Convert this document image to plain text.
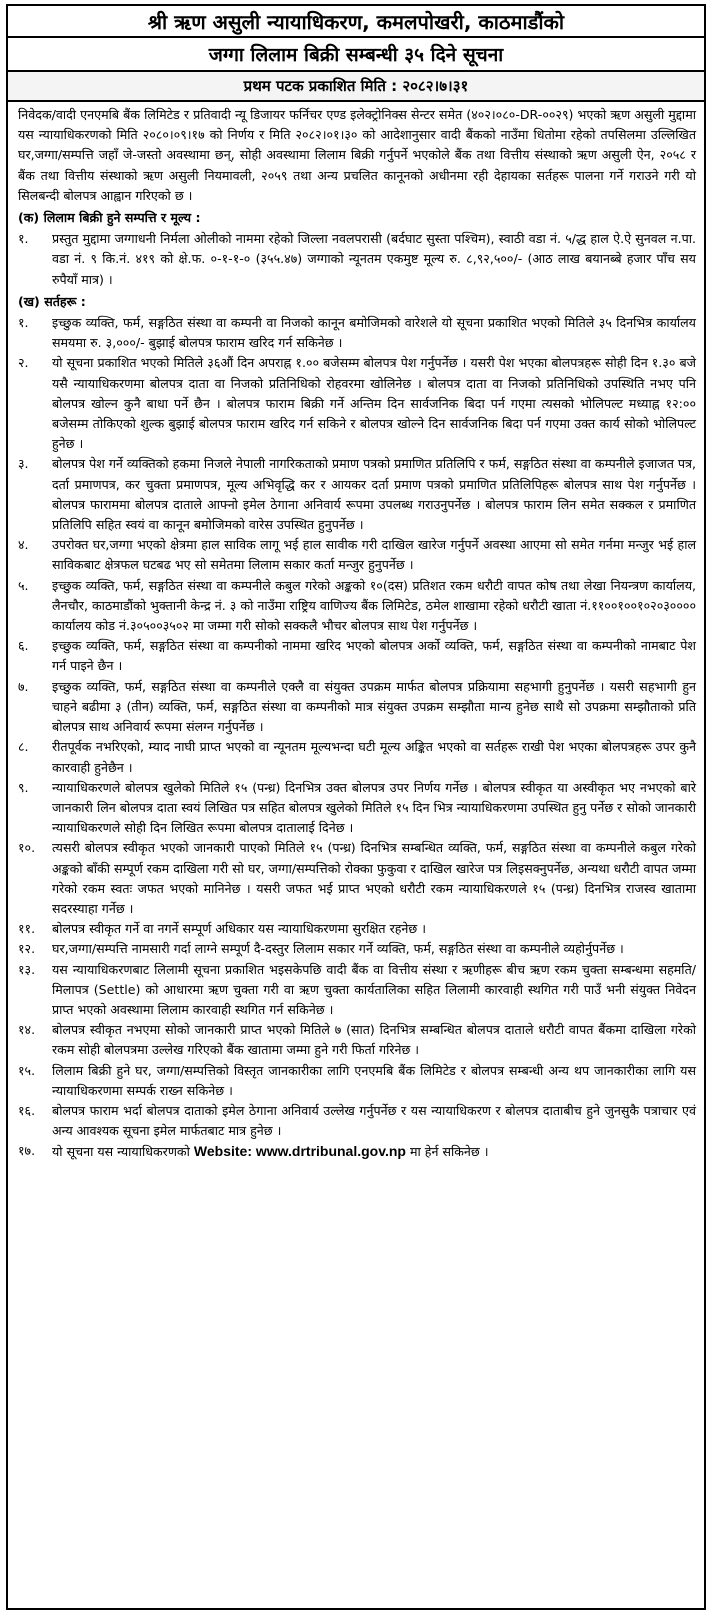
श्री ऋण असुली न्यायाधिकरण, कमलपोखरी, काठमाडौंको
जग्गा लिलाम बिक्री सम्बन्धी ३५ दिने सूचना
प्रथम पटक प्रकाशित मिति : २०८२।७।३१

निवेदक/वादी एनएमबि बैंक लिमिटेड र प्रतिवादी न्यू डिजायर फर्निचर एण्ड इलेक्ट्रोनिक्स सेन्टर समेत (४०२।०८०-DR-००२९) भएको ऋण असुली मुद्दामा यस न्यायाधिकरणको मिति २०८०।०९।१७ को निर्णय र मिति २०८२।०१।३० को आदेशानुसार वादी बैंकको नाउँमा धितोमा रहेको तपसिलमा उल्लिखित घर,जग्गा/सम्पत्ति जहाँ जे-जस्तो अवस्थामा छन्, सोही अवस्थामा लिलाम बिक्री गर्नुपर्ने भएकोले बैंक तथा वित्तीय संस्थाको ऋण असुली ऐन, २०५८ र बैंक तथा वित्तीय संस्थाको ऋण असुली नियमावली, २०५९ तथा अन्य प्रचलित कानूनको अधीनमा रही देहायका सर्तहरू पालना गर्ने गराउने गरी यो सिलबन्दी बोलपत्र आह्वान गरिएको छ ।

(क) लिलाम बिक्री हुने सम्पत्ति र मूल्य :
१.	प्रस्तुत मुद्दामा जग्गाधनी निर्मला ओलीको नाममा रहेको जिल्ला नवलपरासी (बर्दघाट सुस्ता पश्चिम), स्वाठी वडा नं. ५/द्ध हाल ऐ.ऐ सुनवल न.पा. वडा नं. ९ कि.नं. ४१९ को क्षे.फ. ०-१-१-० (३५५.४७) जग्गाको न्यूनतम एकमुष्ट मूल्य रु. ८,९२,५००/- (आठ लाख बयानब्बे हजार पाँच सय रुपैयाँ मात्र) ।
(ख) सर्तहरू :
१.	इच्छुक व्यक्ति, फर्म, सङ्गठित संस्था वा कम्पनी वा निजको कानून बमोजिमको वारेशले यो सूचना प्रकाशित भएको मितिले ३५ दिनभित्र कार्यालय समयमा रु. ३,०००/- बुझाई बोलपत्र फाराम खरिद गर्न सकिनेछ ।
२.	यो सूचना प्रकाशित भएको मितिले ३६औं दिन अपराह्न १.०० बजेसम्म बोलपत्र पेश गर्नुपर्नेछ । यसरी पेश भएका बोलपत्रहरू सोही दिन १.३० बजे यसै न्यायाधिकरणमा बोलपत्र दाता वा निजको प्रतिनिधिको रोहवरमा खोलिनेछ । बोलपत्र दाता वा निजको प्रतिनिधिको उपस्थिति नभए पनि बोलपत्र खोल्न कुनै बाधा पर्ने छैन । बोलपत्र फाराम बिक्री गर्ने अन्तिम दिन सार्वजनिक बिदा पर्न गएमा त्यसको भोलिपल्ट मध्याह्न १२:०० बजेसम्म तोकिएको शुल्क बुझाई बोलपत्र फाराम खरिद गर्न सकिने र बोलपत्र खोल्ने दिन सार्वजनिक बिदा पर्न गएमा उक्त कार्य सोको भोलिपल्ट हुनेछ ।
३.	बोलपत्र पेश गर्ने व्यक्तिको हकमा निजले नेपाली नागरिकताको प्रमाण पत्रको प्रमाणित प्रतिलिपि र फर्म, सङ्गठित संस्था वा कम्पनीले इजाजत पत्र, दर्ता प्रमाणपत्र, कर चुक्ता प्रमाणपत्र, मूल्य अभिवृद्धि कर र आयकर दर्ता प्रमाण पत्रको प्रमाणित प्रतिलिपिहरू बोलपत्र साथ पेश गर्नुपर्नेछ । बोलपत्र फाराममा बोलपत्र दाताले आफ्नो इमेल ठेगाना अनिवार्य रूपमा उपलब्ध गराउनुपर्नेछ । बोलपत्र फाराम लिन समेत सक्कल र प्रमाणित प्रतिलिपि सहित स्वयं वा कानून बमोजिमको वारेस उपस्थित हुनुपर्नेछ ।
४.	उपरोक्त घर,जग्गा भएको क्षेत्रमा हाल साविक लागू भई हाल सावीक गरी दाखिल खारेज गर्नुपर्ने अवस्था आएमा सो समेत गर्नमा मन्जुर भई हाल साविकबाट क्षेत्रफल घटबढ भए सो समेतमा लिलाम सकार कर्ता मन्जुर हुनुपर्नेछ ।
५.	इच्छुक व्यक्ति, फर्म, सङ्गठित संस्था वा कम्पनीले कबुल गरेको अङ्कको १०(दस) प्रतिशत रकम धरौटी वापत कोष तथा लेखा नियन्त्रण कार्यालय, लैनचौर, काठमाडौंको भुक्तानी केन्द्र नं. ३ को नाउँमा राष्ट्रिय वाणिज्य बैंक लिमिटेड, ठमेल शाखामा रहेको धरौटी खाता नं.११००१००१०२०३०००० कार्यालय कोड नं.३०५००३५०२ मा जम्मा गरी सोको सक्कलै भौचर बोलपत्र साथ पेश गर्नुपर्नेछ ।
६.	इच्छुक व्यक्ति, फर्म, सङ्गठित संस्था वा कम्पनीको नाममा खरिद भएको बोलपत्र अर्को व्यक्ति, फर्म, सङ्गठित संस्था वा कम्पनीको नामबाट पेश गर्न पाइने छैन ।
७.	इच्छुक व्यक्ति, फर्म, सङ्गठित संस्था वा कम्पनीले एक्लै वा संयुक्त उपक्रम मार्फत बोलपत्र प्रक्रियामा सहभागी हुनुपर्नेछ । यसरी सहभागी हुन चाहने बढीमा ३ (तीन) व्यक्ति, फर्म, सङ्गठित संस्था वा कम्पनीको मात्र संयुक्त उपक्रम सम्झौता मान्य हुनेछ साथै सो उपक्रमा सम्झौताको प्रति बोलपत्र साथ अनिवार्य रूपमा संलग्न गर्नुपर्नेछ ।
८.	रीतपूर्वक नभरिएको, म्याद नाघी प्राप्त भएको वा न्यूनतम मूल्यभन्दा घटी मूल्य अङ्कित भएको वा सर्तहरू राखी पेश भएका बोलपत्रहरू उपर कुनै कारवाही हुनेछैन ।
९.	न्यायाधिकरणले बोलपत्र खुलेको मितिले १५ (पन्ध्र) दिनभित्र उक्त बोलपत्र उपर निर्णय गर्नेछ । बोलपत्र स्वीकृत या अस्वीकृत भए नभएको बारे जानकारी लिन बोलपत्र दाता स्वयं लिखित पत्र सहित बोलपत्र खुलेको मितिले १५ दिन भित्र न्यायाधिकरणमा उपस्थित हुनु पर्नेछ र सोको जानकारी न्यायाधिकरणले सोही दिन लिखित रूपमा बोलपत्र दातालाई दिनेछ ।
१०.	त्यसरी बोलपत्र स्वीकृत भएको जानकारी पाएको मितिले १५ (पन्ध्र) दिनभित्र सम्बन्धित व्यक्ति, फर्म, सङ्गठित संस्था वा कम्पनीले कबुल गरेको अङ्कको बाँकी सम्पूर्ण रकम दाखिला गरी सो घर, जग्गा/सम्पत्तिको रोक्का फुकुवा र दाखिल खारेज पत्र लिइसक्नुपर्नेछ, अन्यथा धरौटी वापत जम्मा गरेको रकम स्वतः जफत भएको मानिनेछ । यसरी जफत भई प्राप्त भएको धरौटी रकम न्यायाधिकरणले १५ (पन्ध्र) दिनभित्र राजस्व खातामा सदरस्याहा गर्नेछ ।
११.	बोलपत्र स्वीकृत गर्ने वा नगर्ने सम्पूर्ण अधिकार यस न्यायाधिकरणमा सुरक्षित रहनेछ ।
१२.	घर,जग्गा/सम्पत्ति नामसारी गर्दा लाग्ने सम्पूर्ण दै-दस्तुर लिलाम सकार गर्ने व्यक्ति, फर्म, सङ्गठित संस्था वा कम्पनीले व्यहोर्नुपर्नेछ ।
१३.	यस न्यायाधिकरणबाट लिलामी सूचना प्रकाशित भइसकेपछि वादी बैंक वा वित्तीय संस्था र ऋणीहरू बीच ऋण रकम चुक्ता सम्बन्धमा सहमति/मिलापत्र (Settle) को आधारमा ऋण चुक्ता गरी वा ऋण चुक्ता कार्यतालिका सहित लिलामी कारवाही स्थगित गरी पाउँ भनी संयुक्त निवेदन प्राप्त भएको अवस्थामा लिलाम कारवाही स्थगित गर्न सकिनेछ ।
१४.	बोलपत्र स्वीकृत नभएमा सोको जानकारी प्राप्त भएको मितिले ७ (सात) दिनभित्र सम्बन्धित बोलपत्र दाताले धरौटी वापत बैंकमा दाखिला गरेको रकम सोही बोलपत्रमा उल्लेख गरिएको बैंक खातामा जम्मा हुने गरी फिर्ता गरिनेछ ।
१५.	लिलाम बिक्री हुने घर, जग्गा/सम्पत्तिको विस्तृत जानकारीका लागि एनएमबि बैंक लिमिटेड र बोलपत्र सम्बन्धी अन्य थप जानकारीका लागि यस न्यायाधिकरणमा सम्पर्क राख्न सकिनेछ ।
१६.	बोलपत्र फाराम भर्दा बोलपत्र दाताको इमेल ठेगाना अनिवार्य उल्लेख गर्नुपर्नेछ र यस न्यायाधिकरण र बोलपत्र दाताबीच हुने जुनसुकै पत्राचार एवं अन्य आवश्यक सूचना इमेल मार्फतबाट मात्र हुनेछ ।
१७.	यो सूचना यस न्यायाधिकरणको Website: www.drtribunal.gov.np मा हेर्न सकिनेछ ।
